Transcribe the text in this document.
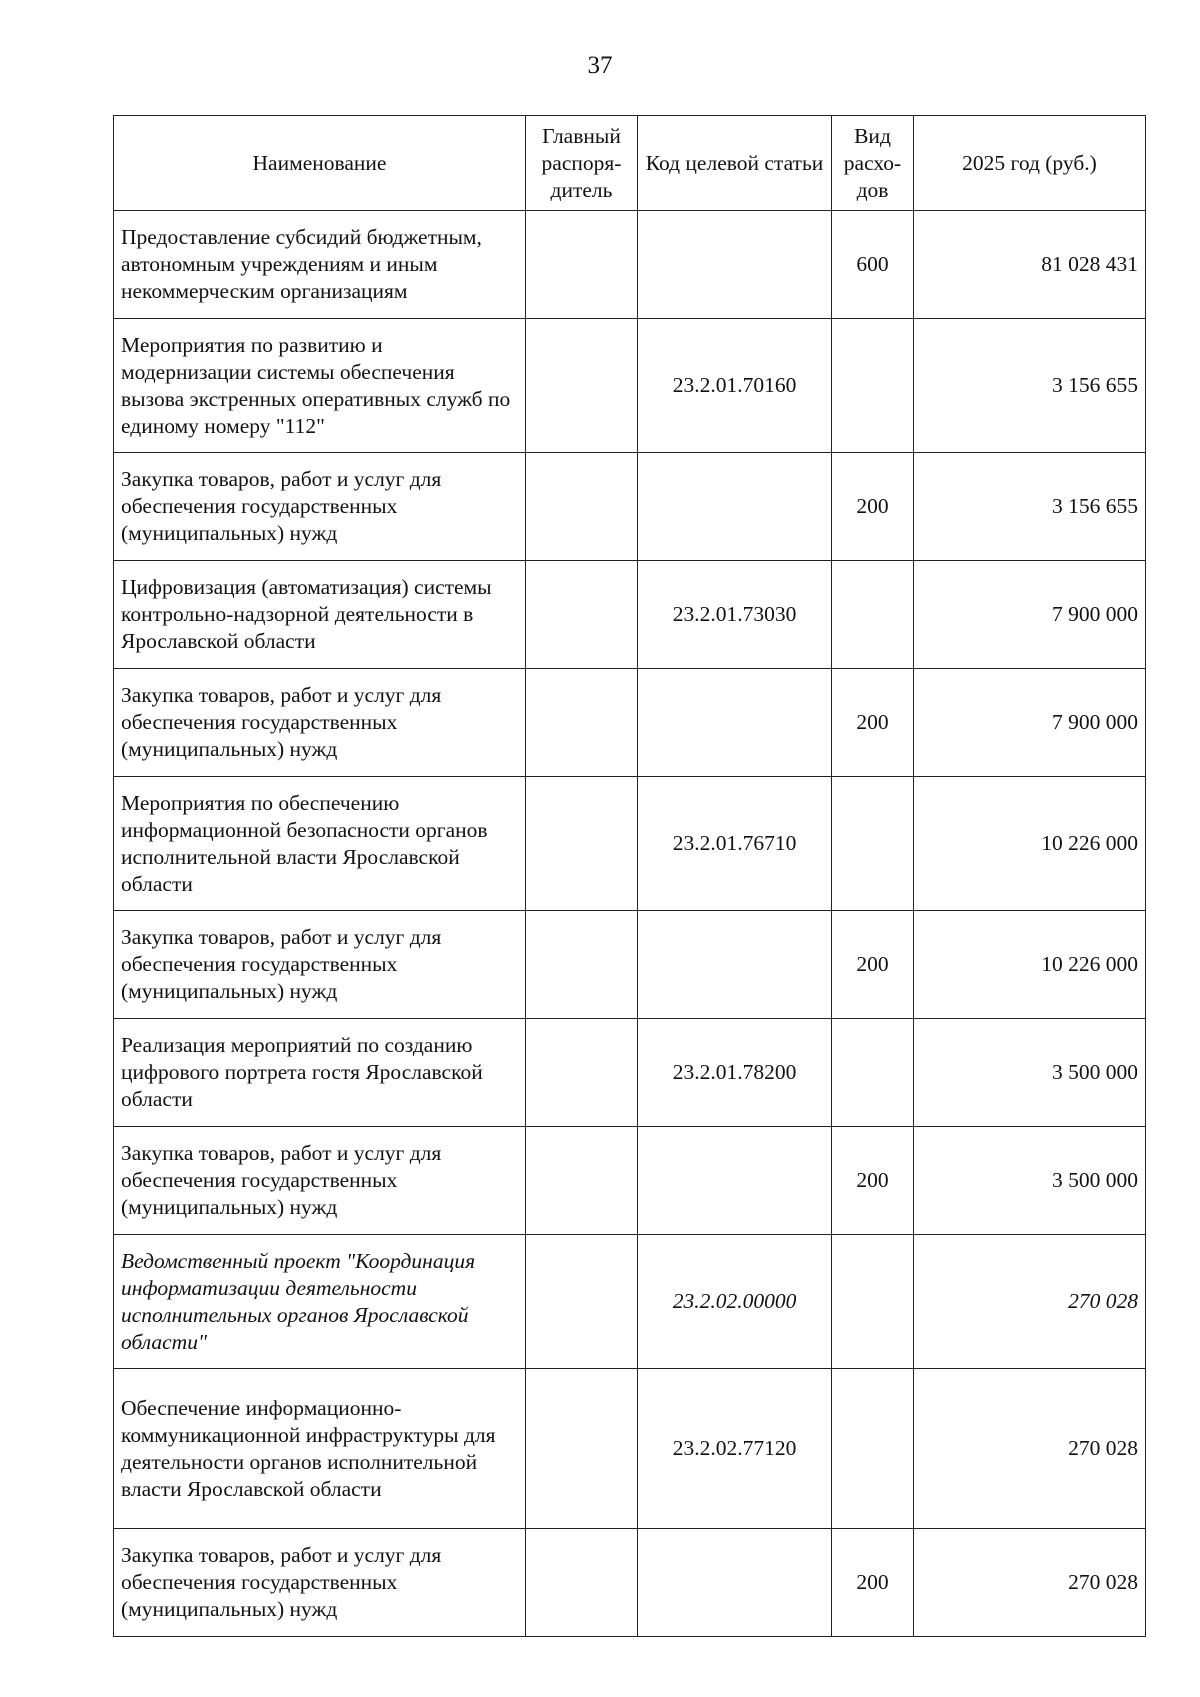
37
Наименование	Главный распоря-дитель	Код целевой статьи	Вид расхо-дов	2025 год (руб.)
Предоставление субсидий бюджетным, автономным учреждениям и иным некоммерческим организациям			600	81 028 431
Мероприятия по развитию и модернизации системы обеспечения вызова экстренных оперативных служб по единому номеру "112"		23.2.01.70160		3 156 655
Закупка товаров, работ и услуг для обеспечения государственных (муниципальных) нужд			200	3 156 655
Цифровизация (автоматизация) системы контрольно-надзорной деятельности в Ярославской области		23.2.01.73030		7 900 000
Закупка товаров, работ и услуг для обеспечения государственных (муниципальных) нужд			200	7 900 000
Мероприятия по обеспечению информационной безопасности органов исполнительной власти Ярославской области		23.2.01.76710		10 226 000
Закупка товаров, работ и услуг для обеспечения государственных (муниципальных) нужд			200	10 226 000
Реализация мероприятий по созданию цифрового портрета гостя Ярославской области		23.2.01.78200		3 500 000
Закупка товаров, работ и услуг для обеспечения государственных (муниципальных) нужд			200	3 500 000
Ведомственный проект "Координация информатизации деятельности исполнительных органов Ярославской области"		23.2.02.00000		270 028
Обеспечение информационно-коммуникационной инфраструктуры для деятельности органов исполнительной власти Ярославской области		23.2.02.77120		270 028
Закупка товаров, работ и услуг для обеспечения государственных (муниципальных) нужд			200	270 028
